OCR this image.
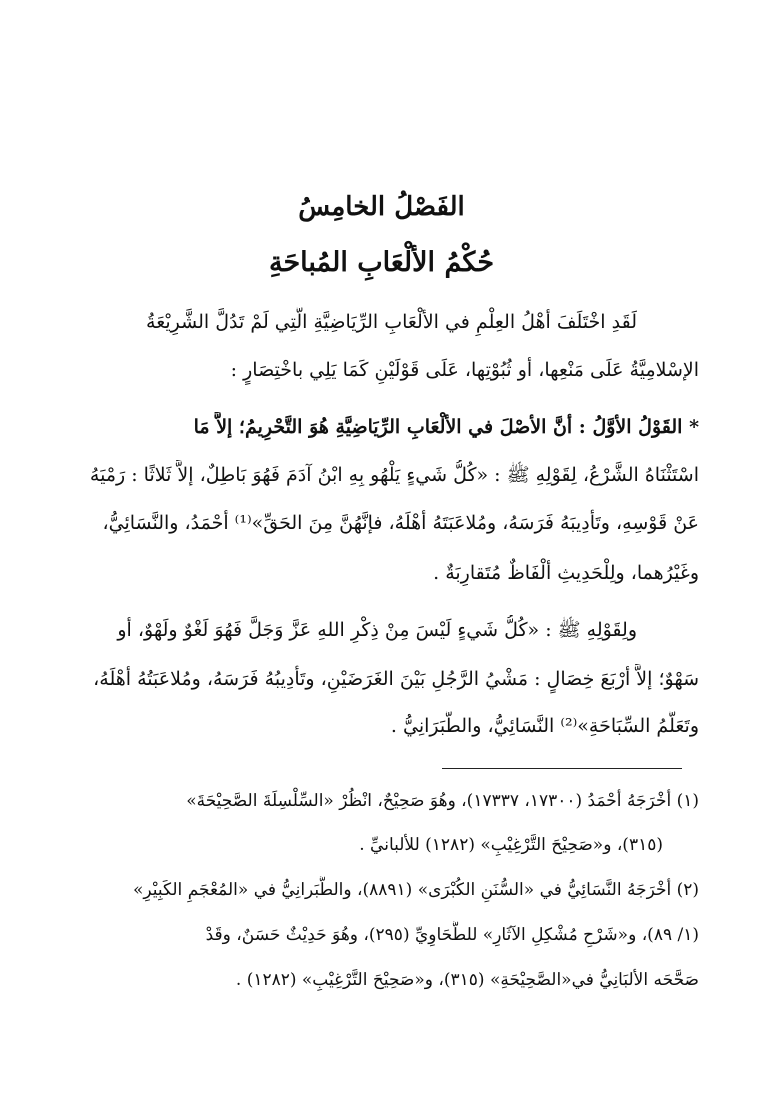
الفَصْلُ الخامِسُ
حُكْمُ الألْعَابِ المُباحَةِ
لَقَدِ اخْتَلَفَ أهْلُ العِلْمِ في الألْعَابِ الرِّيَاضِيَّةِ الَّتِي لَمْ تَدُلَّ الشَّرِيْعَةُ
الإسْلامِيَّةُ عَلَى مَنْعِها، أو ثُبُوْتِها، عَلَى قَوْلَيْنِ كَمَا يَلِي باخْتِصَارٍ :
* القَوْلُ الأوَّلُ : أنَّ الأصْلَ في الألْعَابِ الرِّيَاضِيَّةِ هُوَ التَّحْرِيمُ؛ إلاَّ مَا
اسْتَثْنَاهُ الشَّرْعُ، لِقَوْلِهِ ﷺ : «كُلُّ شَيءٍ يَلْهُو بِهِ ابْنُ آدَمَ فَهُوَ بَاطِلٌ، إلاَّ ثَلاثًا : رَمْيَهُ
عَنْ قَوْسِهِ، وتَأدِيبَهُ فَرَسَهُ، ومُلاعَبَتَهُ أهْلَهُ، فإنَّهُنَّ مِنَ الحَقِّ»⁽¹⁾ أحْمَدُ، والنَّسَائِيُّ،
وغَيْرُهما، ولِلْحَدِيثِ ألْفَاظٌ مُتَقارِبَةٌ .
ولِقَوْلِهِ ﷺ : «كُلُّ شَيءٍ لَيْسَ مِنْ ذِكْرِ اللهِ عَزَّ وَجَلَّ فَهُوَ لَغْوٌ ولَهْوٌ، أو
سَهْوٌ؛ إلاَّ أرْبَعَ خِصَالٍ : مَشْيُ الرَّجُلِ بَيْنَ الغَرَضَيْنِ، وتَأدِيبُهُ فَرَسَهُ، ومُلاعَبَتُهُ أهْلَهُ،
وتَعَلُّمُ السِّبَاحَةِ»⁽²⁾ النَّسَائِيُّ، والطَّبَرَانِيُّ .
(١) أخْرَجَهُ أحْمَدُ (١٧٣٠٠، ١٧٣٣٧)، وهُوَ صَحِيْحٌ، انْظُرْ «السِّلْسِلَةَ الصَّحِيْحَةَ»
(٣١٥)، و«صَحِيْحَ التَّرْغِيْبِ» (١٢٨٢) للألبانيِّ .
(٢) أخْرَجَهُ النَّسَائِيُّ في «السُّنَنِ الكُبْرَى» (٨٨٩١)، والطَّبَرانِيُّ في «المُعْجَمِ الكَبِيْرِ»
(١/ ٨٩)، و«شَرْحِ مُشْكِلِ الآثَارِ» للطَّحَاوِيِّ (٢٩٥)، وهُوَ حَدِيْثٌ حَسَنٌ، وقَدْ
صَحَّحَه الألبَانِيُّ في«الصَّحِيْحَةِ» (٣١٥)، و«صَحِيْحَ التَّرْغِيْبِ» (١٢٨٢) .
